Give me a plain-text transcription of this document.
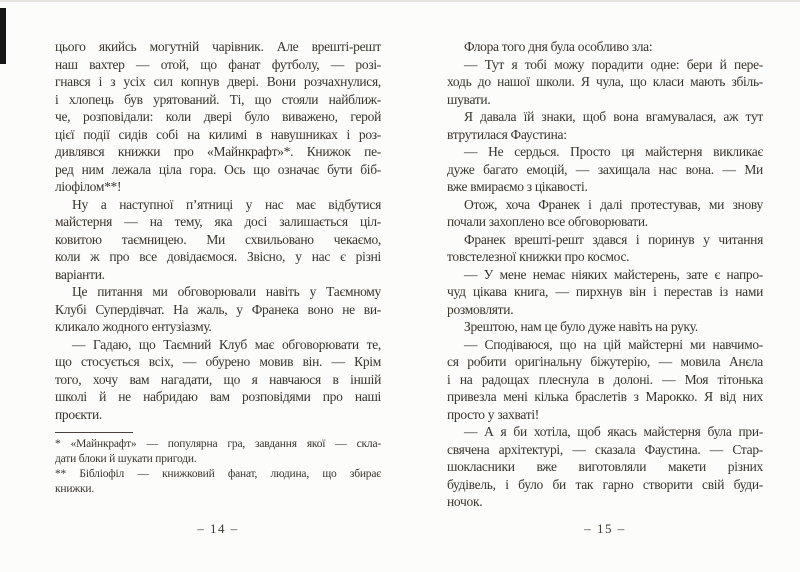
цього якийсь могутній чарівник. Але врешті-решт
наш вахтер — отой, що фанат футболу, — розі-
гнався і з усіх сил копнув двері. Вони розчахнулися,
і хлопець був урятований. Ті, що стояли найближ-
че, розповідали: коли двері було виважено, герой
цієї події сидів собі на килимі в навушниках і роз-
дивлявся книжки про «Майнкрафт»*. Книжок пе-
ред ним лежала ціла гора. Ось що означає бути біб-
ліофілом**!
Ну а наступної п’ятниці у нас має відбутися
майстерня — на тему, яка досі залишається ціл-
ковитою таємницею. Ми схвильовано чекаємо,
коли ж про все довідаємося. Звісно, у нас є різні
варіанти.
Це питання ми обговорювали навіть у Таємному
Клубі Супердівчат. На жаль, у Франека воно не ви-
кликало жодного ентузіазму.
— Гадаю, що Таємний Клуб має обговорювати те,
що стосується всіх, — обурено мовив він. — Крім
того, хочу вам нагадати, що я навчаюся в іншій
школі й не набридаю вам розповідями про наші
проєкти.
* «Майнкрафт» — популярна гра, завдання якої — скла-
дати блоки й шукати пригоди.
** Бібліофіл — книжковий фанат, людина, що збирає
книжки.
– 14 –
Флора того дня була особливо зла:
— Тут я тобі можу порадити одне: бери й пере-
ходь до нашої школи. Я чула, що класи мають збіль-
шувати.
Я давала їй знаки, щоб вона вгамувалася, аж тут
втрутилася Фаустина:
— Не сердься. Просто ця майстерня викликає
дуже багато емоцій, — захищала нас вона. — Ми
вже вмираємо з цікавості.
Отож, хоча Франек і далі протестував, ми знову
почали захоплено все обговорювати.
Франек врешті-решт здався і поринув у читання
товстелезної книжки про космос.
— У мене немає ніяких майстерень, зате є напро-
чуд цікава книга, — пирхнув він і перестав із нами
розмовляти.
Зрештою, нам це було дуже навіть на руку.
— Сподіваюся, що на цій майстерні ми навчимо-
ся робити оригінальну біжутерію, — мовила Анєла
і на радощах плеснула в долоні. — Моя тітонька
привезла мені кілька браслетів з Марокко. Я від них
просто у захваті!
— А я би хотіла, щоб якась майстерня була при-
свячена архітектурі, — сказала Фаустина. — Стар-
шокласники вже виготовляли макети різних
будівель, і було би так гарно створити свій буди-
ночок.
– 15 –
